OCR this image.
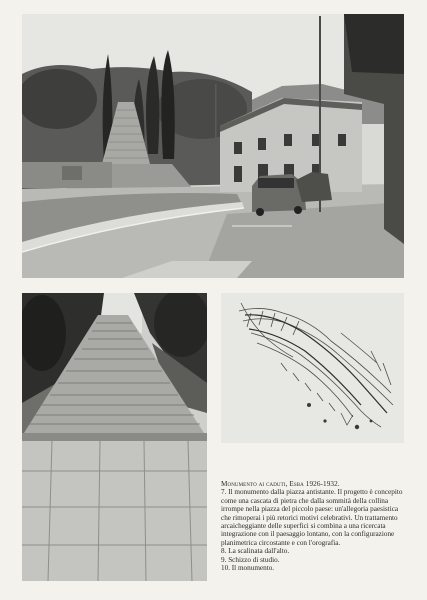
Monumento ai caduti, Esba 1926-1932.

7. Il monumento dalla piazza antistante. Il progetto è concepito come una cascata di pietra che dalla sommità della collina irrompe nella piazza del piccolo paese: un'allegoria paesistica che rimoperai i più retorici motivi celebrativi. Un trattamento arcaicheggiante delle superfici si combina a una ricercata integrazione con il paesaggio lontano, con la configurazione planimetrica circostante e con l'orografia.

8. La scalinata dall'alto.

9. Schizzo di studio.

10. Il monumento.
